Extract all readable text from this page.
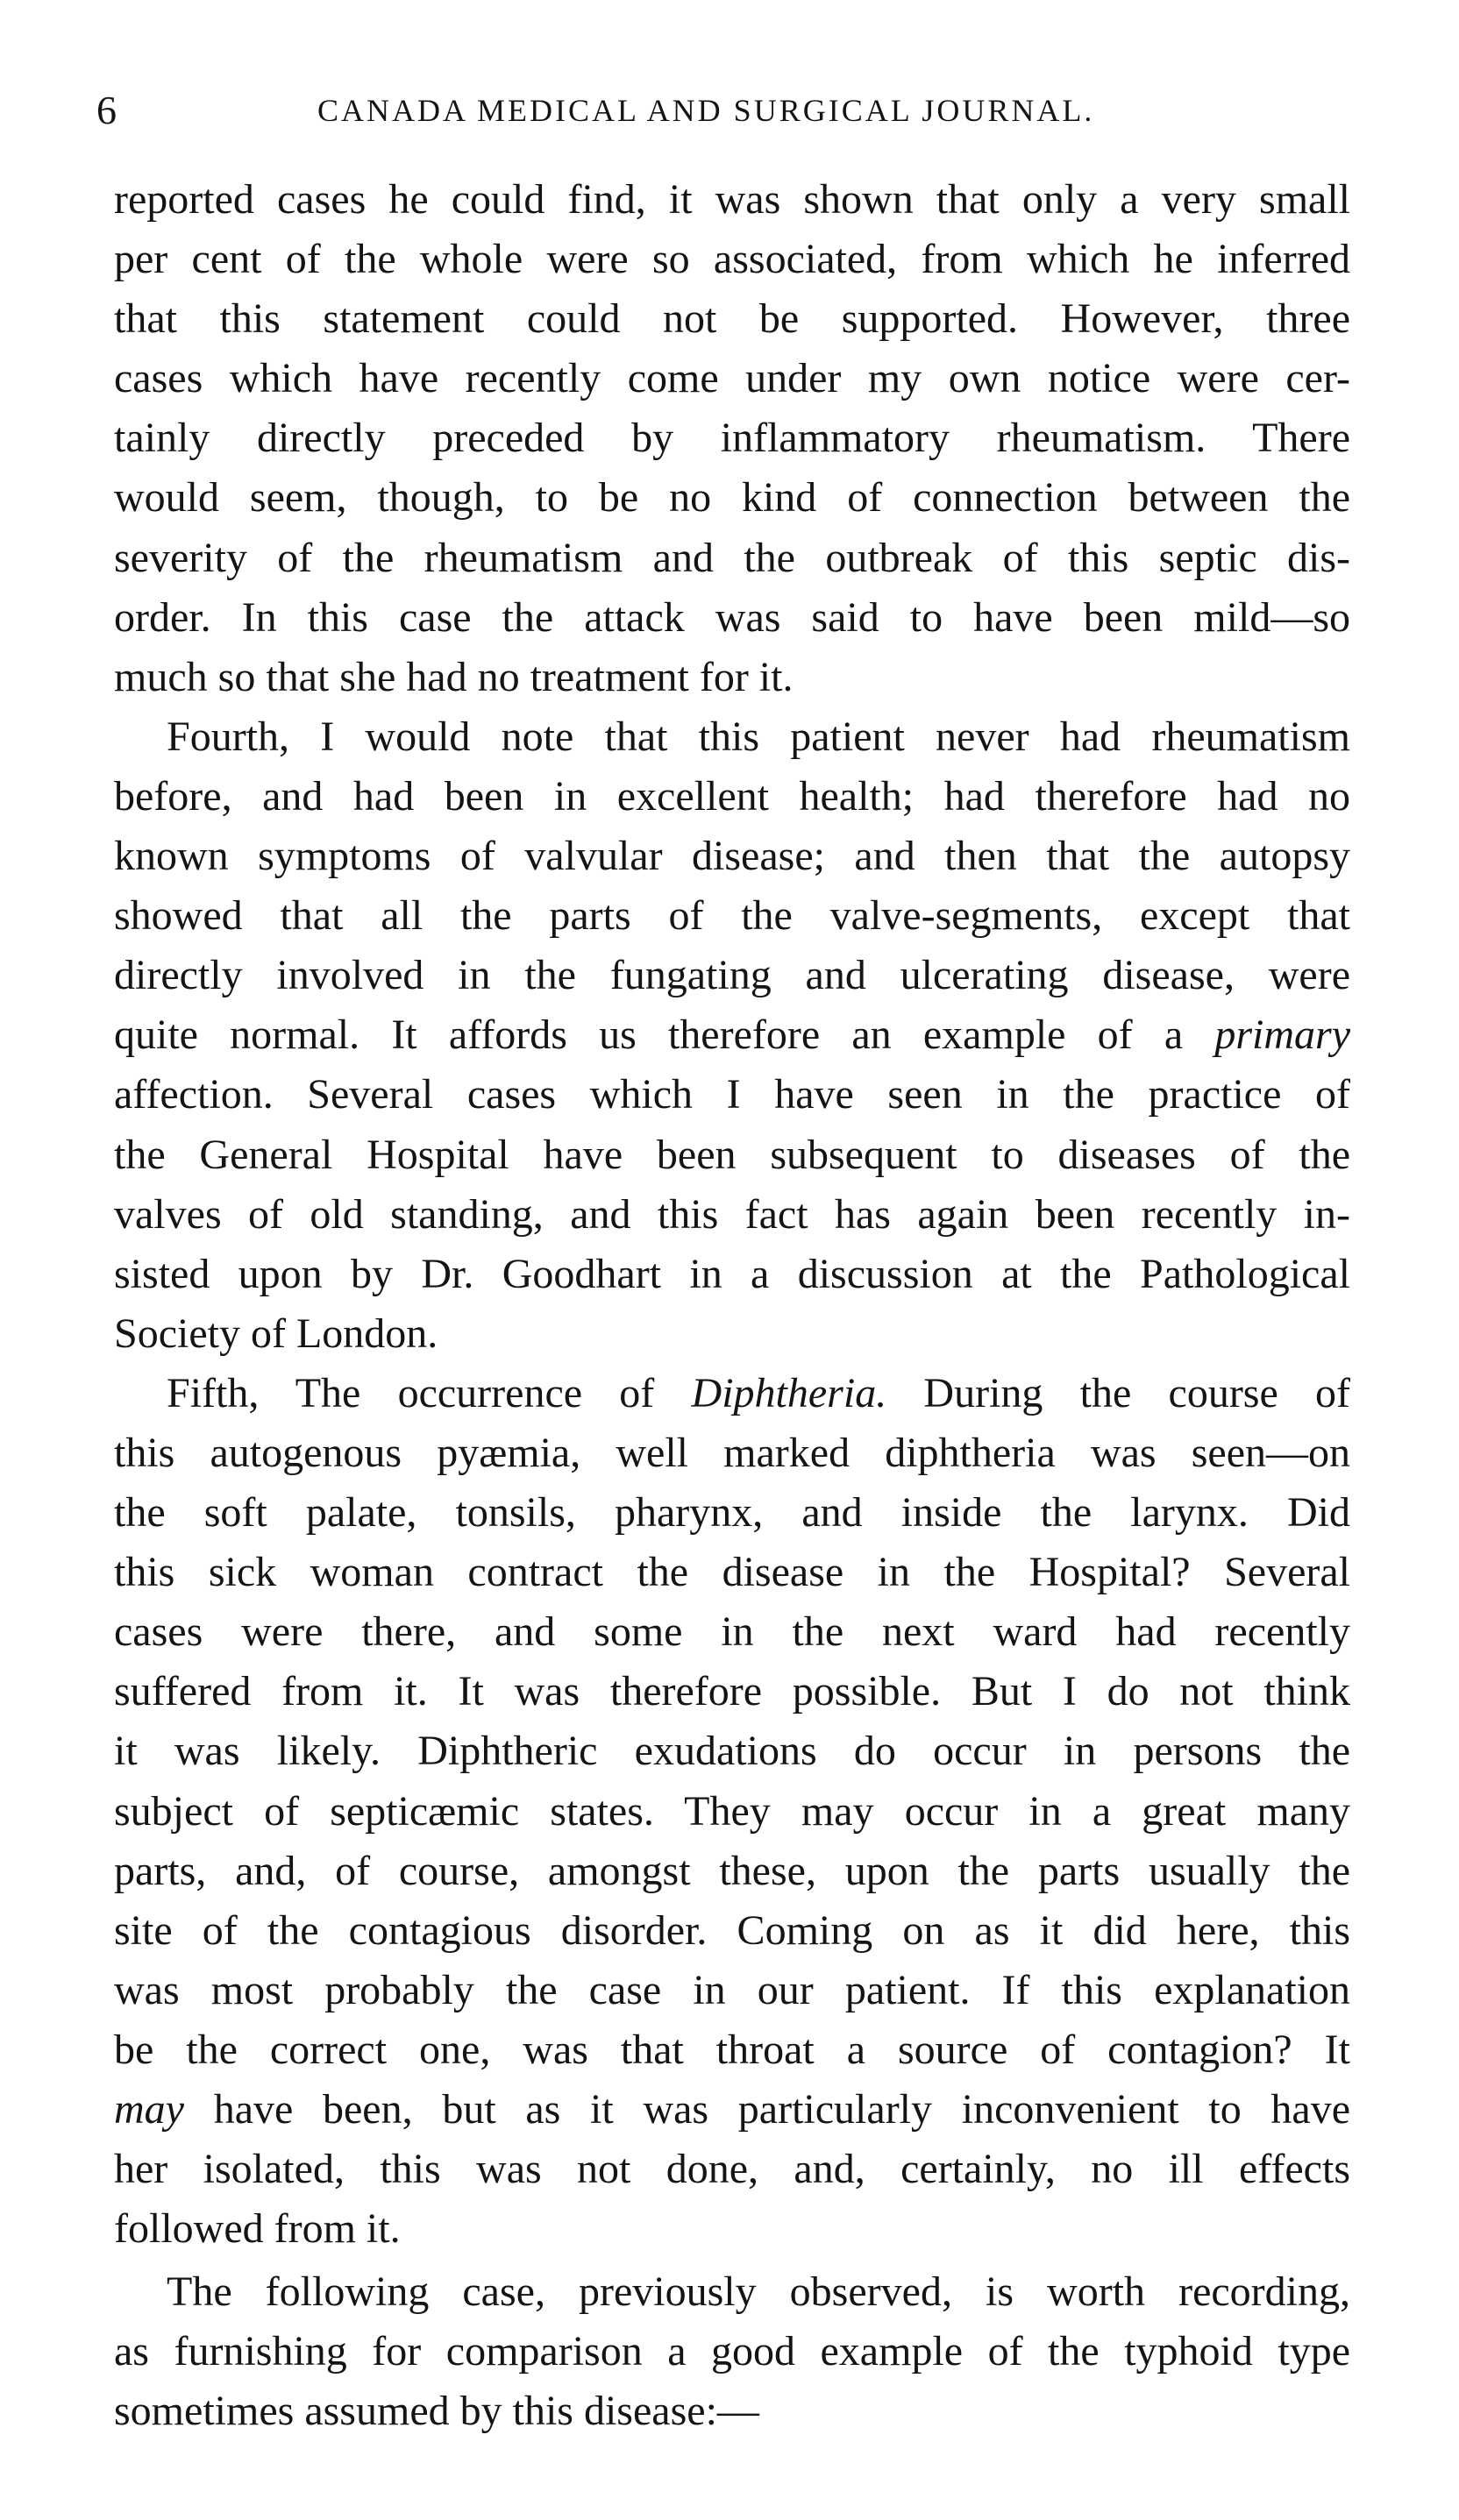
6	CANADA MEDICAL AND SURGICAL JOURNAL.
reported cases he could find, it was shown that only a very small
per cent of the whole were so associated, from which he inferred
that this statement could not be supported. However, three
cases which have recently come under my own notice were cer-
tainly directly preceded by inflammatory rheumatism. There
would seem, though, to be no kind of connection between the
severity of the rheumatism and the outbreak of this septic dis-
order. In this case the attack was said to have been mild—so
much so that she had no treatment for it.
Fourth, I would note that this patient never had rheumatism
before, and had been in excellent health; had therefore had no
known symptoms of valvular disease; and then that the autopsy
showed that all the parts of the valve-segments, except that
directly involved in the fungating and ulcerating disease, were
quite normal. It affords us therefore an example of a primary
affection. Several cases which I have seen in the practice of
the General Hospital have been subsequent to diseases of the
valves of old standing, and this fact has again been recently in-
sisted upon by Dr. Goodhart in a discussion at the Pathological
Society of London.
Fifth, The occurrence of Diphtheria. During the course of
this autogenous pyæmia, well marked diphtheria was seen—on
the soft palate, tonsils, pharynx, and inside the larynx. Did
this sick woman contract the disease in the Hospital? Several
cases were there, and some in the next ward had recently
suffered from it. It was therefore possible. But I do not think
it was likely. Diphtheric exudations do occur in persons the
subject of septicæmic states. They may occur in a great many
parts, and, of course, amongst these, upon the parts usually the
site of the contagious disorder. Coming on as it did here, this
was most probably the case in our patient. If this explanation
be the correct one, was that throat a source of contagion? It
may have been, but as it was particularly inconvenient to have
her isolated, this was not done, and, certainly, no ill effects
followed from it.
The following case, previously observed, is worth recording,
as furnishing for comparison a good example of the typhoid type
sometimes assumed by this disease:—
